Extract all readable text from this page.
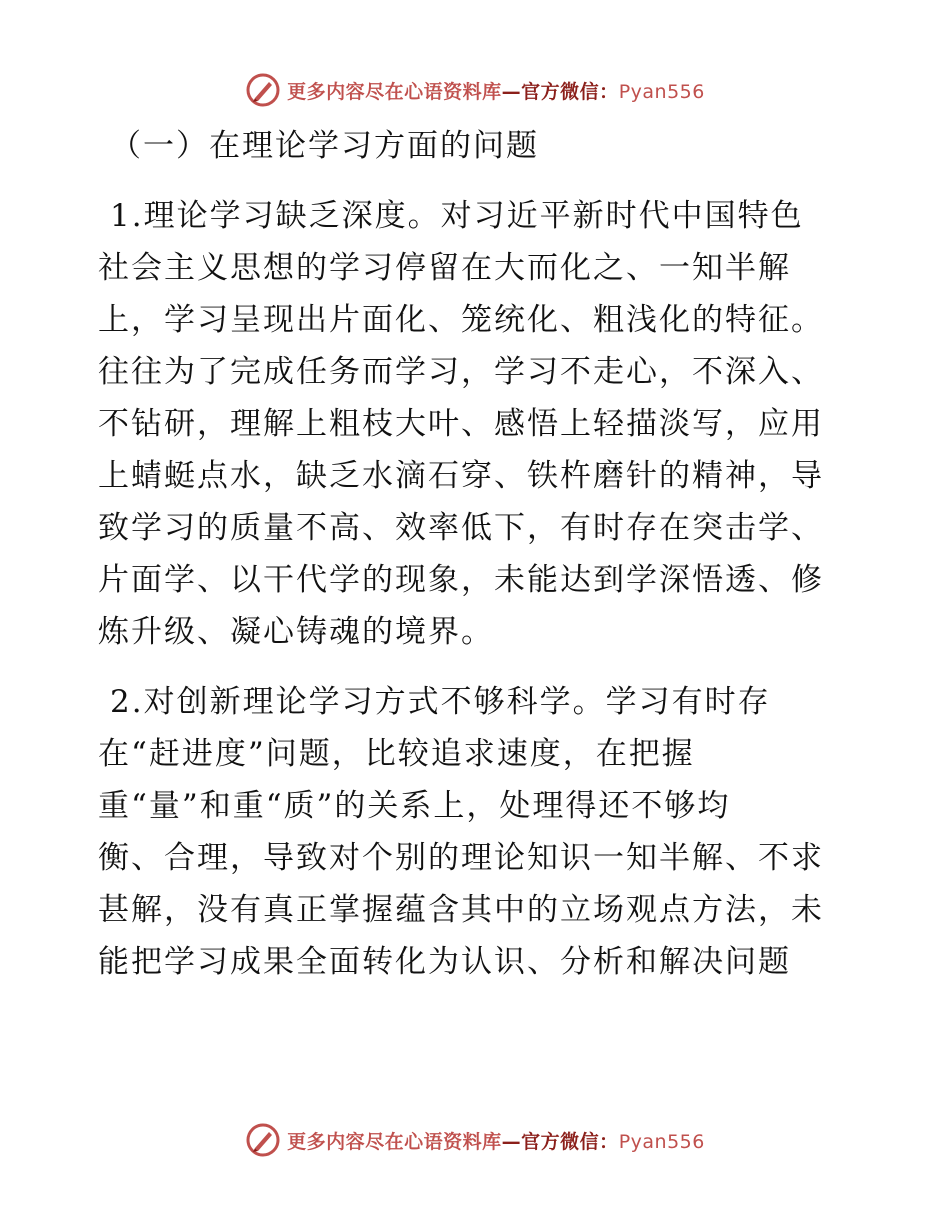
更多内容尽在心语资料库—官方微信：Pyan556
（一）在理论学习方面的问题
1.理论学习缺乏深度。对习近平新时代中国特色
社会主义思想的学习停留在大而化之、一知半解
上，学习呈现出片面化、笼统化、粗浅化的特征。
往往为了完成任务而学习，学习不走心，不深入、
不钻研，理解上粗枝大叶、感悟上轻描淡写，应用
上蜻蜓点水，缺乏水滴石穿、铁杵磨针的精神，导
致学习的质量不高、效率低下，有时存在突击学、
片面学、以干代学的现象，未能达到学深悟透、修
炼升级、凝心铸魂的境界。
2.对创新理论学习方式不够科学。学习有时存
在“赶进度”问题，比较追求速度，在把握
重“量”和重“质”的关系上，处理得还不够均
衡、合理，导致对个别的理论知识一知半解、不求
甚解，没有真正掌握蕴含其中的立场观点方法，未
能把学习成果全面转化为认识、分析和解决问题
更多内容尽在心语资料库—官方微信：Pyan556
